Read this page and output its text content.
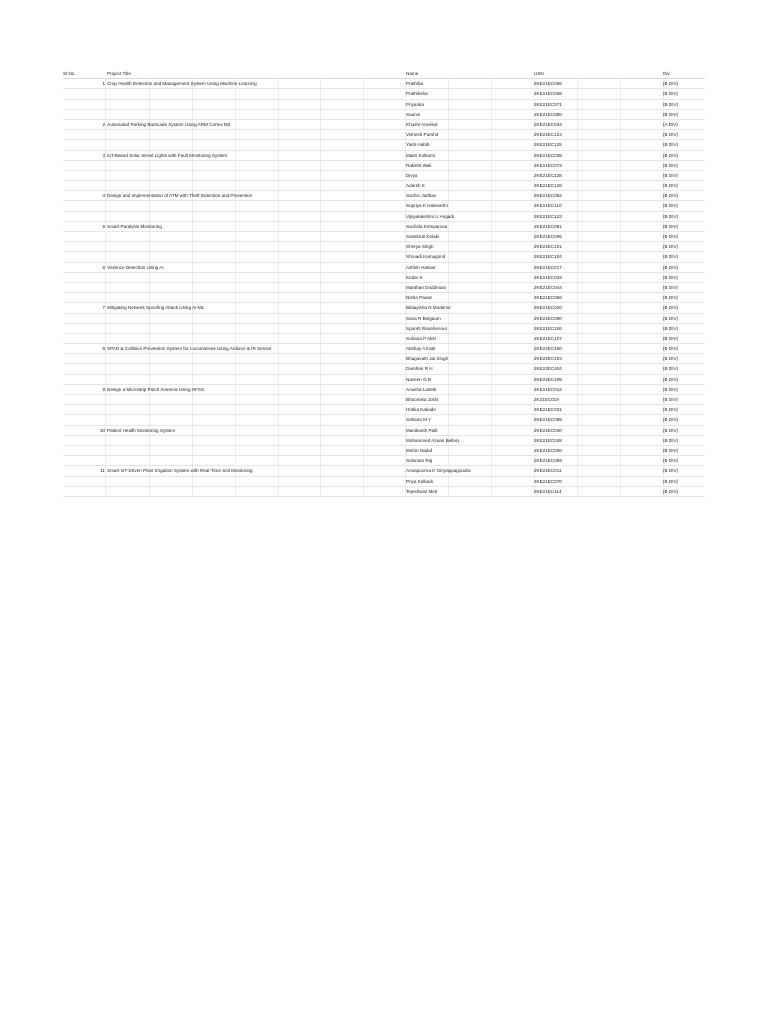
Sl No.	Project Title	Name	USN	Div
1 Crop Health Detection and Management System Using Machine Learning	Prathiba	2KE21EC066	(B DIV)
Prathiksha	2KE21EC068	(B DIV)
Priyanka	2KE21EC071	(B DIV)
Saanvi	2KE21EC080	(B DIV)
2 Automated Parking Barricade System Using ARM Cortex M3	Khushi Anvekar	2KE21EC034	(A DIV)
Vishesh Purohit	2KE21EC124	(B DIV)
Yash Habib	2KE21EC125	(B DIV)
3 IoT-Based Solar Street Lights with Fault Monitoring System	Maitri Kulkarni	2KE21EC038	(B DIV)
Rakshit Wali	2KE21EC073	(B DIV)
Divya	2KE21EC128	(B DIV)
Adarsh K	2KE21EC126	(B DIV)
4 Design and Implementation of ATM with Theft Detection and Prevention	Sachin Jadhav	2KE21EC082	(B DIV)
Supriya K Halavarthi	2KE21EC110	(B DIV)
Vijayalakshmi U Angadi	2KE21EC123	(B DIV)
5 Smart Paralysis Monitoring	Sachida Kempanvar	2KE21EC081	(B DIV)
Sanskruti Kolaki	2KE21EC095	(B DIV)
Shreya Singh	2KE21EC101	(B DIV)
Shruadi Kamagond	2KE21EC104	(B DIV)
6 Violence Detection Using AI	Ashish Hatwar	2KE21EC017	(B DIV)
Kedar K	2KE21EC033	(B DIV)
Manthan Doddmani	2KE21EC044	(B DIV)
Nisha Pawar	2KE21EC056	(B DIV)
7 Mitigating Network Spoofing Attack Using AI-ML	Bibiayisha N Mudenur	2KE21EC020	(B DIV)
Sana R Belgaum	2KE21EC090	(B DIV)
Spoorti Ranebennur	2KE21EC106	(B DIV)
Suhana P Akki	2KE21EC107	(B DIV)
8 SPAD & Collision Prevention System for Locomotives Using Arduino & IR Sensor	Akshay A Katti	2KE22EC400	(B DIV)
Bhagavath Jai Singh	2KE22EC403	(B DIV)
Darshan R H	2KE22EC404	(B DIV)
Naveen G B	2KE22EC405	(B DIV)
9 Design a Microstrip Patch Antenna Using HFSS	Anusha Lasetti	2KE21EC012	(B DIV)
Bhoomika Joshi	2K21EC019	(B DIV)
Hritika Kakade	2KE21EC031	(B DIV)
Sahana M Y	2KE21EC085	(B DIV)
10 Patient Health Monitoring System	Manikanth Patil	2KE21EC040	(B DIV)
Mohammed Azaan Bellary	2KE21EC048	(B DIV)
Mohin Nadaf	2KE21EC050	(B DIV)
Soloman Raj	2KE21EC059	(B DIV)
11 Smart IoT-Driven Plant Irrigation System with Real-Time Soil Monitoring	Annapoorna K Giriyappagoudra	2KE21EC011	(B DIV)
Priya Kolkadi	2KE21EC070	(B DIV)
Tejeshwini Meti	2KE21EC114	(B DIV)
